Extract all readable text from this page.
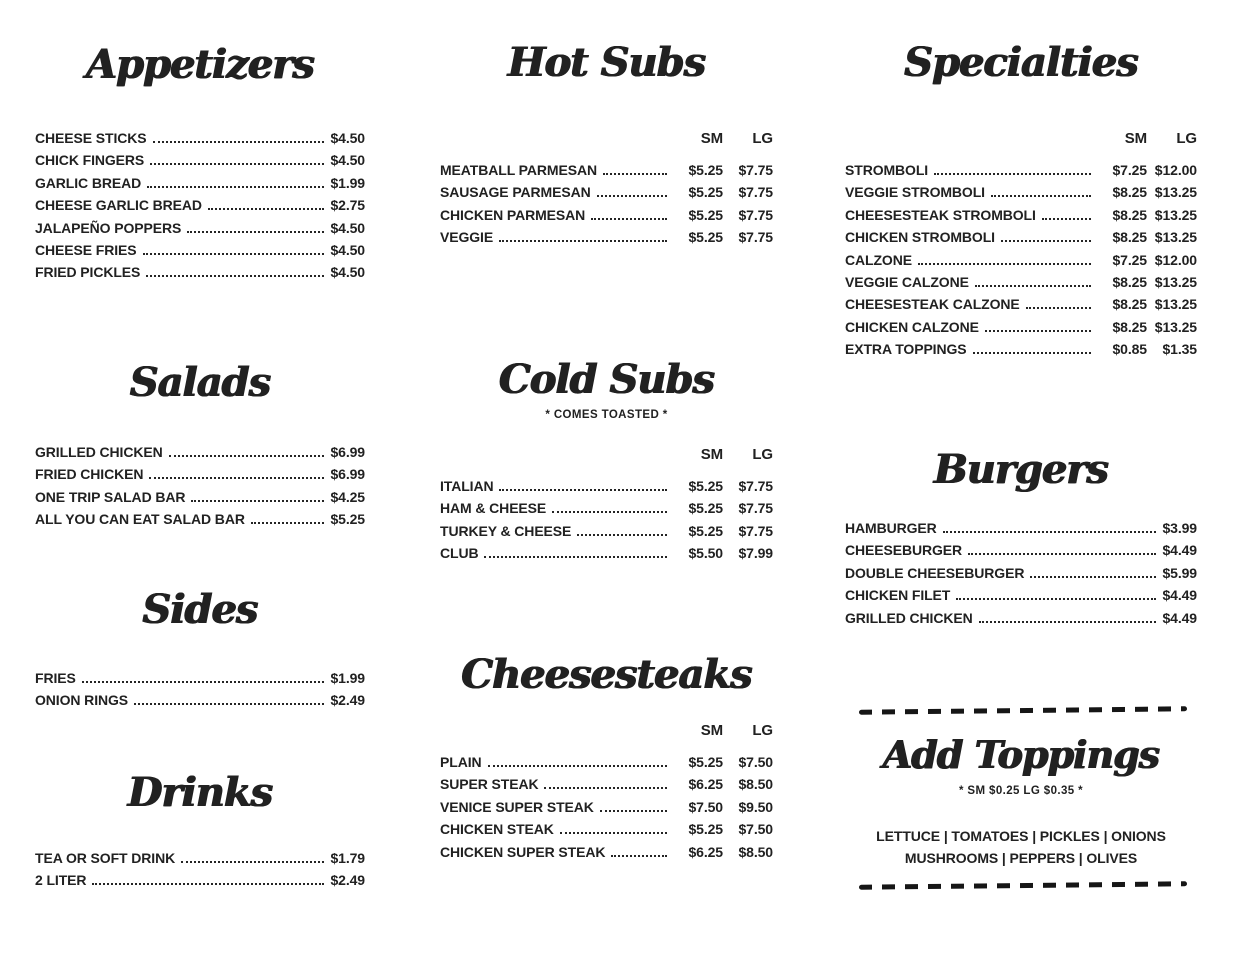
Appetizers
CHEESE STICKS	$4.50
CHICK FINGERS	$4.50
GARLIC BREAD	$1.99
CHEESE GARLIC BREAD	$2.75
JALAPEÑO POPPERS	$4.50
CHEESE FRIES	$4.50
FRIED PICKLES	$4.50
Salads
GRILLED CHICKEN	$6.99
FRIED CHICKEN	$6.99
ONE TRIP SALAD BAR	$4.25
ALL YOU CAN EAT SALAD BAR	$5.25
Sides
FRIES	$1.99
ONION RINGS	$2.49
Drinks
TEA OR SOFT DRINK	$1.79
2 LITER	$2.49
Hot Subs
SM	LG
MEATBALL PARMESAN	$5.25	$7.75
SAUSAGE PARMESAN	$5.25	$7.75
CHICKEN PARMESAN	$5.25	$7.75
VEGGIE	$5.25	$7.75
Cold Subs
* COMES TOASTED *
SM	LG
ITALIAN	$5.25	$7.75
HAM & CHEESE	$5.25	$7.75
TURKEY & CHEESE	$5.25	$7.75
CLUB	$5.50	$7.99
Cheesesteaks
SM	LG
PLAIN	$5.25	$7.50
SUPER STEAK	$6.25	$8.50
VENICE SUPER STEAK	$7.50	$9.50
CHICKEN STEAK	$5.25	$7.50
CHICKEN SUPER STEAK	$6.25	$8.50
Specialties
SM	LG
STROMBOLI	$7.25 $12.00
VEGGIE STROMBOLI	$8.25 $13.25
CHEESESTEAK STROMBOLI	$8.25 $13.25
CHICKEN STROMBOLI	$8.25 $13.25
CALZONE	$7.25 $12.00
VEGGIE CALZONE	$8.25 $13.25
CHEESESTEAK CALZONE	$8.25 $13.25
CHICKEN CALZONE	$8.25 $13.25
EXTRA TOPPINGS	$0.85	$1.35
Burgers
HAMBURGER	$3.99
CHEESEBURGER	$4.49
DOUBLE CHEESEBURGER	$5.99
CHICKEN FILET	$4.49
GRILLED CHICKEN	$4.49
Add Toppings
* SM $0.25 LG $0.35 *
LETTUCE | TOMATOES | PICKLES | ONIONS
MUSHROOMS | PEPPERS | OLIVES
